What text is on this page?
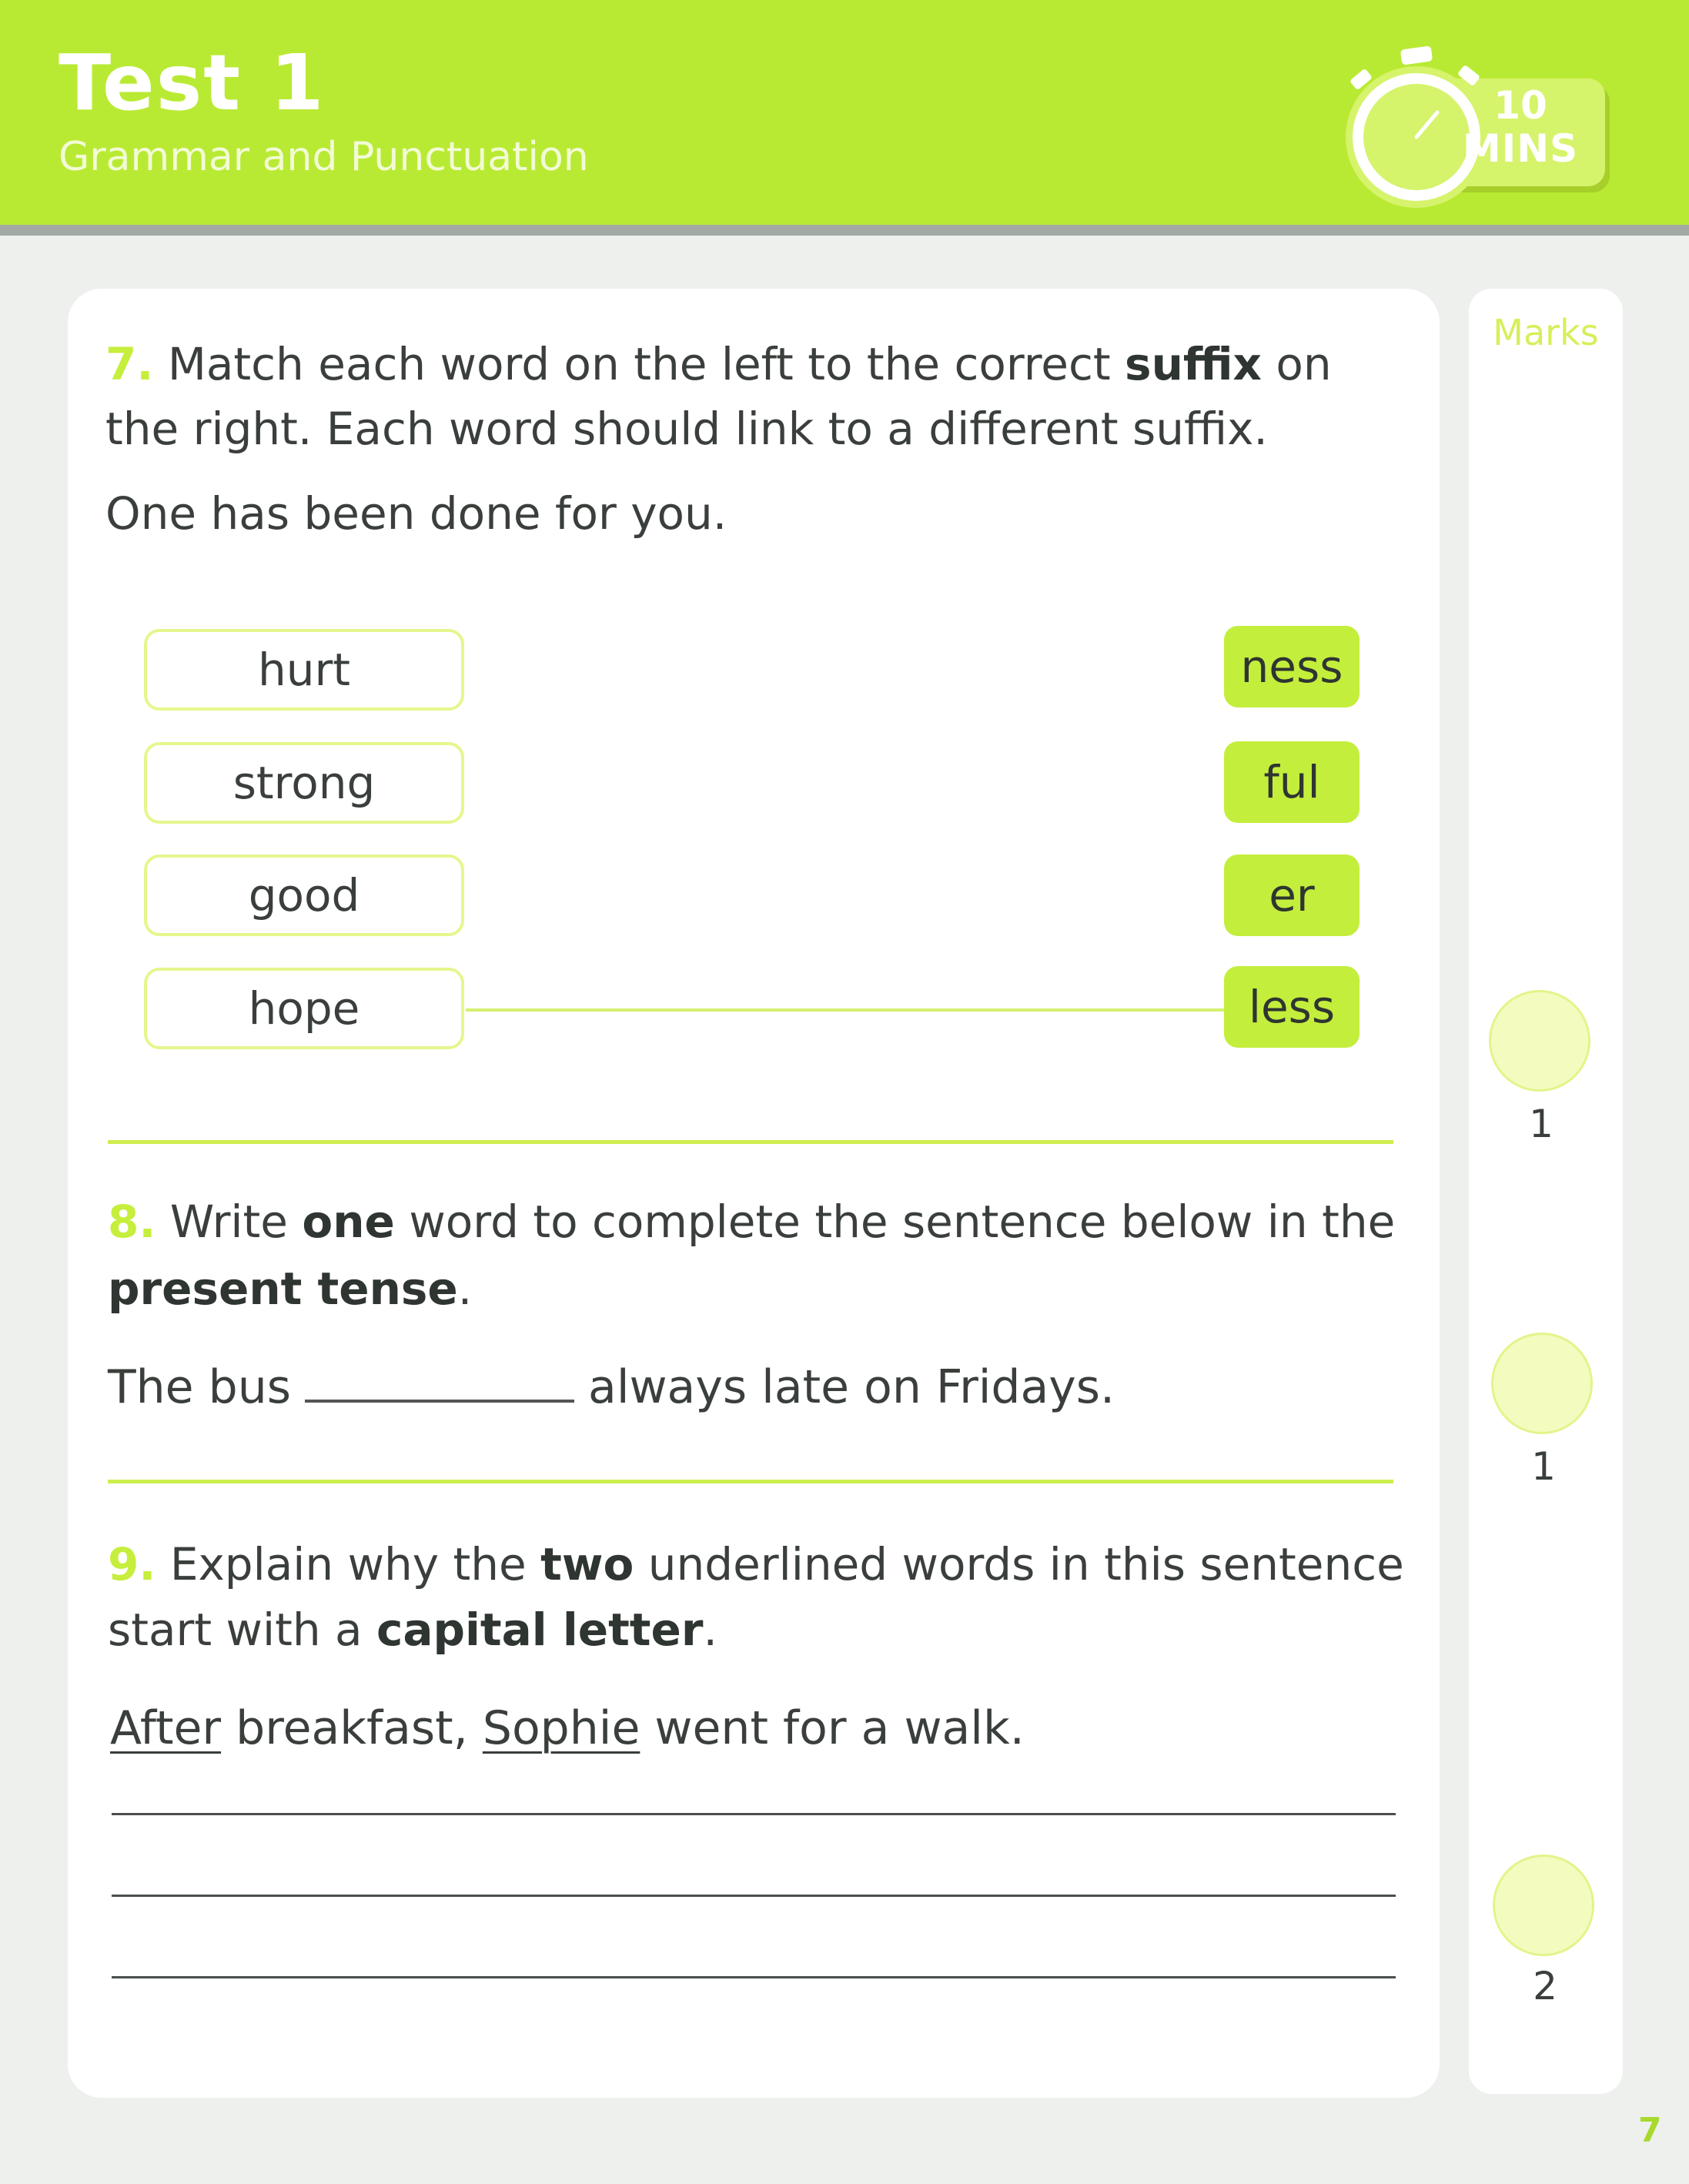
Test 1
Grammar and Punctuation
10
MINS
7. Match each word on the left to the correct suffix on
the right. Each word should link to a different suffix.
One has been done for you.
hurt
strong
good
hope
ness
ful
er
less
8. Write one word to complete the sentence below in the
present tense.
The bus	always late on Fridays.
9. Explain why the two underlined words in this sentence
start with a capital letter.
After breakfast, Sophie went for a walk.
Marks
1
1
2
7
